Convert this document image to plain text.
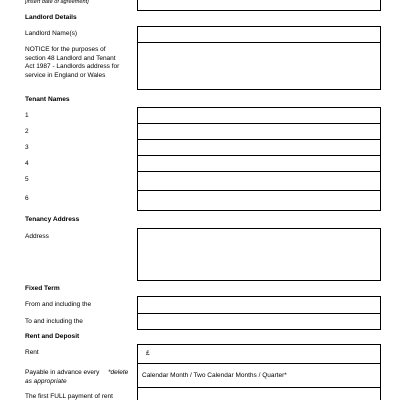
[insert date of agreement]
Landlord Details
Landlord Name(s)
NOTICE for the purposes of
section 48 Landlord and Tenant
Act 1987 - Landlords address for
service in England or Wales
Tenant Names
1
2
3
4
5
6
Tenancy Address
Address
Fixed Term
From and including the
To and including the
Rent and Deposit
Rent	£
Payable in advance every *delete
as appropriate
Calendar Month / Two Calendar Months / Quarter*
The first FULL payment of rent
